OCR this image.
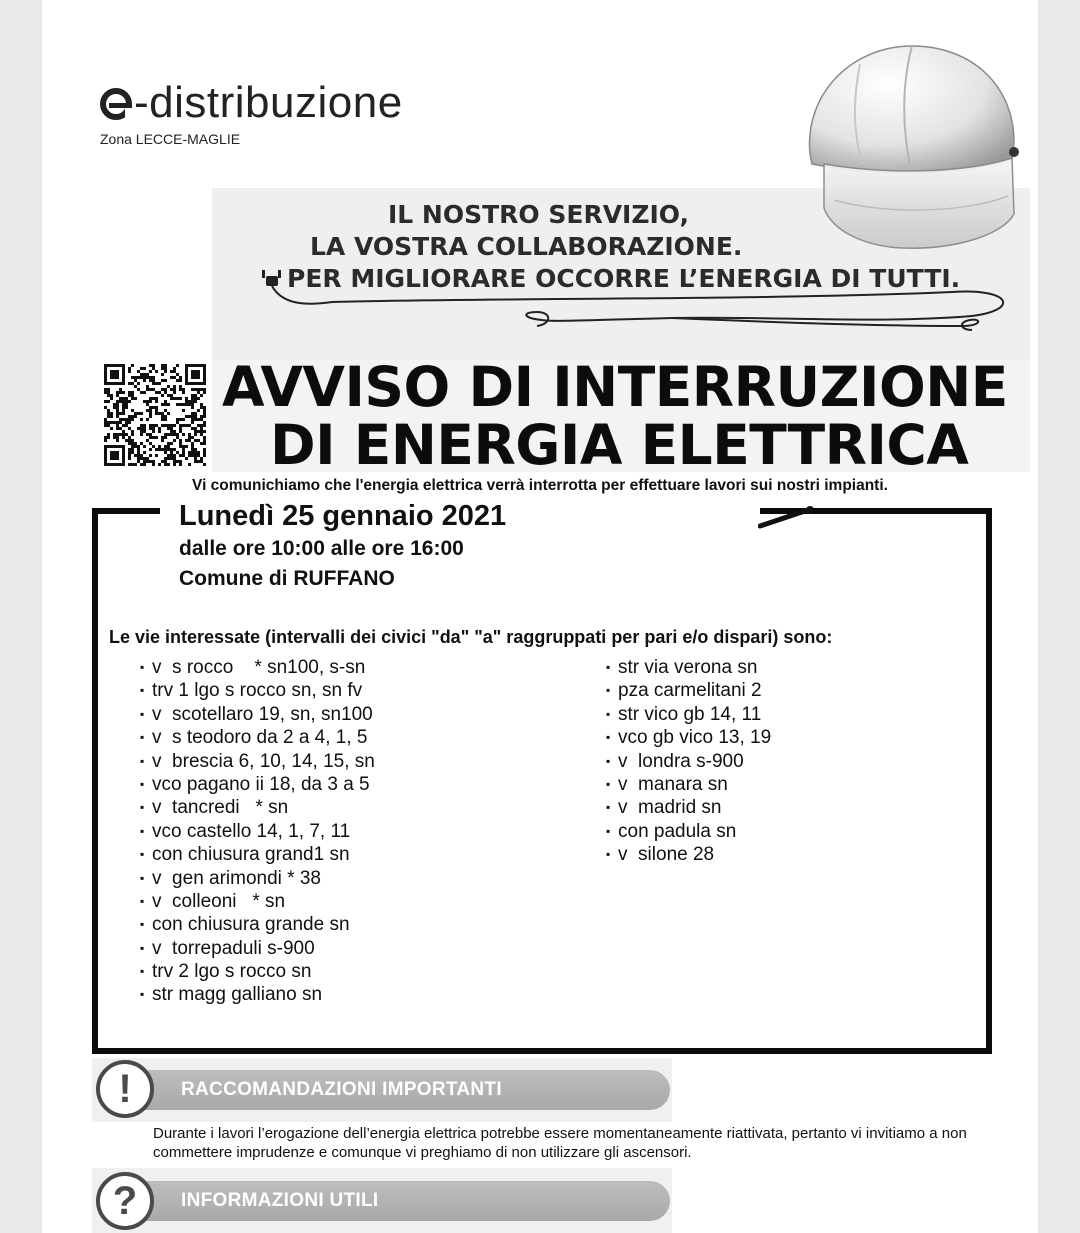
-distribuzione
Zona LECCE-MAGLIE
IL NOSTRO SERVIZIO,
LA VOSTRA COLLABORAZIONE.
PER MIGLIORARE OCCORRE L’ENERGIA DI TUTTI.
AVVISO DI INTERRUZIONE
DI ENERGIA ELETTRICA
Vi comunichiamo che l'energia elettrica verrà interrotta per effettuare lavori sui nostri impianti.
Lunedì 25 gennaio 2021
dalle ore 10:00 alle ore 16:00
Comune di RUFFANO
Le vie interessate (intervalli dei civici "da" "a" raggruppati per pari e/o dispari) sono:
▪ v  s rocco    * sn100, s-sn
▪ trv 1 lgo s rocco sn, sn fv
▪ v  scotellaro 19, sn, sn100
▪ v  s teodoro da 2 a 4, 1, 5
▪ v  brescia 6, 10, 14, 15, sn
▪ vco pagano ii 18, da 3 a 5
▪ v  tancredi   * sn
▪ vco castello 14, 1, 7, 11
▪ con chiusura grand1 sn
▪ v  gen arimondi * 38
▪ v  colleoni   * sn
▪ con chiusura grande sn
▪ v  torrepaduli s-900
▪ trv 2 lgo s rocco sn
▪ str magg galliano sn
▪ str via verona sn
▪ pza carmelitani 2
▪ str vico gb 14, 11
▪ vco gb vico 13, 19
▪ v  londra s-900
▪ v  manara sn
▪ v  madrid sn
▪ con padula sn
▪ v  silone 28
RACCOMANDAZIONI IMPORTANTI
!
Durante i lavori l’erogazione dell’energia elettrica potrebbe essere momentaneamente riattivata, pertanto vi invitiamo a non commettere imprudenze e comunque vi preghiamo di non utilizzare gli ascensori.
INFORMAZIONI UTILI
?
